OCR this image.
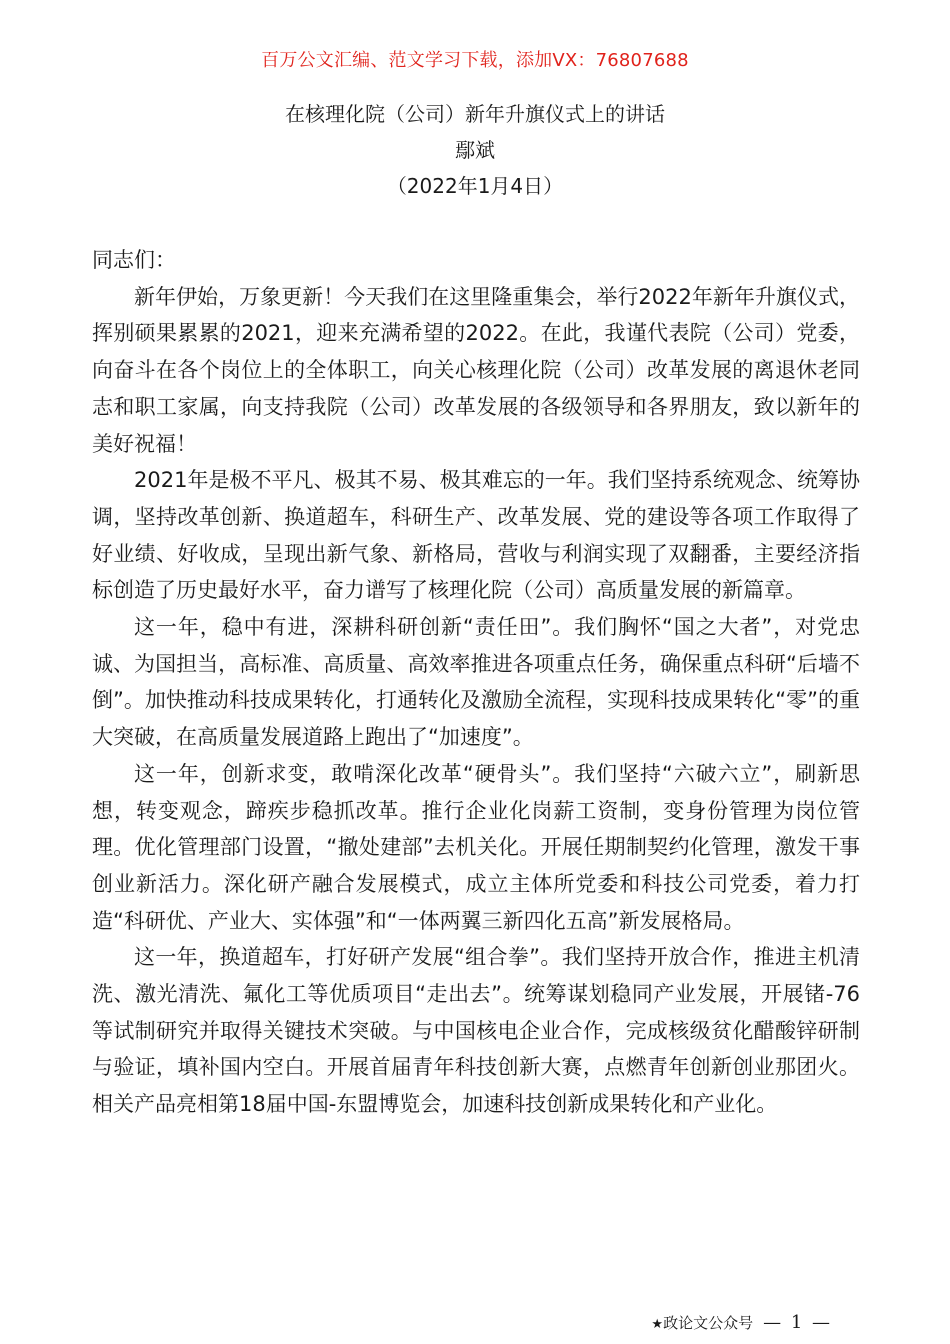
百万公文汇编、范文学习下载，添加VX：76807688
在核理化院（公司）新年升旗仪式上的讲话
鄢斌
（2022年1月4日）

同志们：

新年伊始，万象更新！今天我们在这里隆重集会，举行2022年新年升旗仪式，挥别硕果累累的2021，迎来充满希望的2022。在此，我谨代表院（公司）党委，向奋斗在各个岗位上的全体职工，向关心核理化院（公司）改革发展的离退休老同志和职工家属，向支持我院（公司）改革发展的各级领导和各界朋友，致以新年的美好祝福！

2021年是极不平凡、极其不易、极其难忘的一年。我们坚持系统观念、统筹协调，坚持改革创新、换道超车，科研生产、改革发展、党的建设等各项工作取得了好业绩、好收成，呈现出新气象、新格局，营收与利润实现了双翻番，主要经济指标创造了历史最好水平，奋力谱写了核理化院（公司）高质量发展的新篇章。

这一年，稳中有进，深耕科研创新“责任田”。我们胸怀“国之大者”，对党忠诚、为国担当，高标准、高质量、高效率推进各项重点任务，确保重点科研“后墙不倒”。加快推动科技成果转化，打通转化及激励全流程，实现科技成果转化“零”的重大突破，在高质量发展道路上跑出了“加速度”。

这一年，创新求变，敢啃深化改革“硬骨头”。我们坚持“六破六立”，刷新思想，转变观念，蹄疾步稳抓改革。推行企业化岗薪工资制，变身份管理为岗位管理。优化管理部门设置，“撤处建部”去机关化。开展任期制契约化管理，激发干事创业新活力。深化研产融合发展模式，成立主体所党委和科技公司党委，着力打造“科研优、产业大、实体强”和“一体两翼三新四化五高”新发展格局。

这一年，换道超车，打好研产发展“组合拳”。我们坚持开放合作，推进主机清洗、激光清洗、氟化工等优质项目“走出去”。统筹谋划稳同产业发展，开展锗-76等试制研究并取得关键技术突破。与中国核电企业合作，完成核级贫化醋酸锌研制与验证，填补国内空白。开展首届青年科技创新大赛，点燃青年创新创业那团火。相关产品亮相第18届中国-东盟博览会，加速科技创新成果转化和产业化。

★政论文公众号 — 1 —
